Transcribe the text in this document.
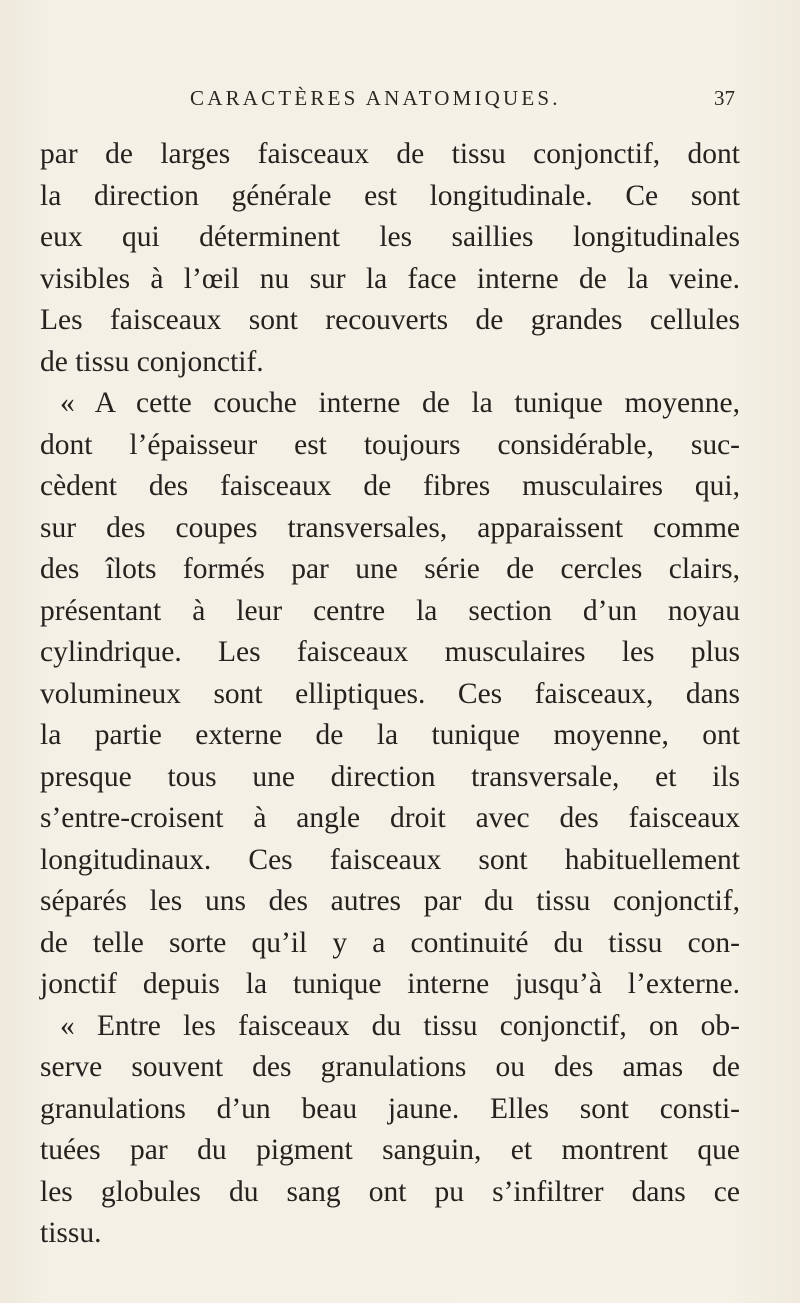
CARACTÈRES ANATOMIQUES.	37
par de larges faisceaux de tissu conjonctif, dont
la direction générale est longitudinale. Ce sont
eux qui déterminent les saillies longitudinales
visibles à l’œil nu sur la face interne de la veine.
Les faisceaux sont recouverts de grandes cellules
de tissu conjonctif.
« A cette couche interne de la tunique moyenne,
dont l’épaisseur est toujours considérable, suc-
cèdent des faisceaux de fibres musculaires qui,
sur des coupes transversales, apparaissent comme
des îlots formés par une série de cercles clairs,
présentant à leur centre la section d’un noyau
cylindrique. Les faisceaux musculaires les plus
volumineux sont elliptiques. Ces faisceaux, dans
la partie externe de la tunique moyenne, ont
presque tous une direction transversale, et ils
s’entre-croisent à angle droit avec des faisceaux
longitudinaux. Ces faisceaux sont habituellement
séparés les uns des autres par du tissu conjonctif,
de telle sorte qu’il y a continuité du tissu con-
jonctif depuis la tunique interne jusqu’à l’externe.
« Entre les faisceaux du tissu conjonctif, on ob-
serve souvent des granulations ou des amas de
granulations d’un beau jaune. Elles sont consti-
tuées par du pigment sanguin, et montrent que
les globules du sang ont pu s’infiltrer dans ce
tissu.
